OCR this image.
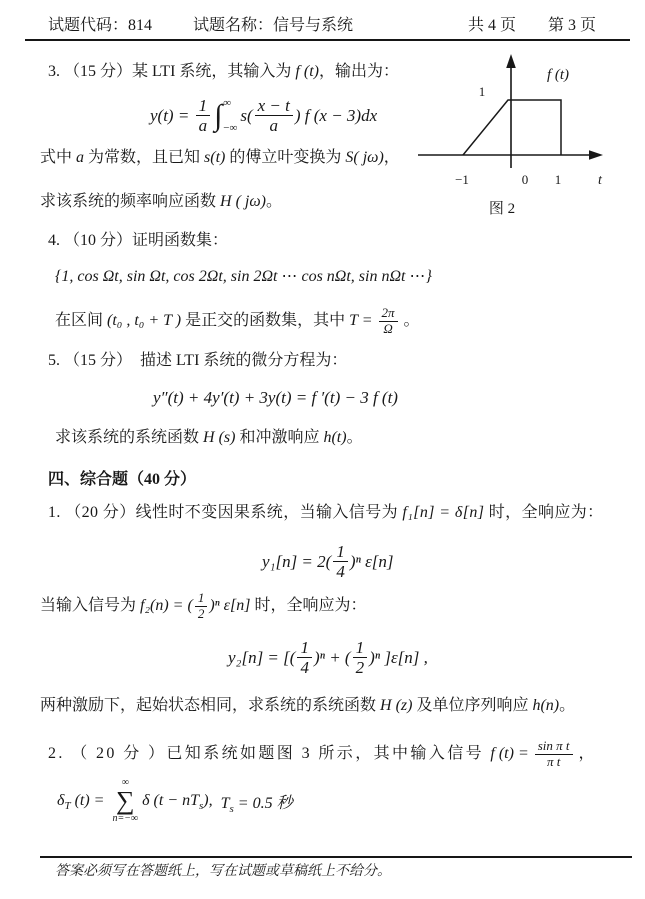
试题代码：814	试题名称：信号与系统	共 4 页 第 3 页
3. （15 分）某 LTI 系统，其输入为 f (t)，输出为：
$y(t) = \frac{1}{a}$ ∫ ∞
−∞
$s( \frac{x - t}{a}$ ) f (x − 3)dx
式中 a 为常数，且已知 s(t) 的傅立叶变换为 S( jω)，
求该系统的频率响应函数 H ( jω)。
1
f (t)
−1	0 1	t
图 2
4. （10 分）证明函数集：
{1, cos Ωt, sin Ωt, cos 2Ωt, sin 2Ωt ⋯ cos nΩt, sin nΩt ⋯}
在区间 (t₀ , t₀ + T ) 是正交的函数集，其中 $T = \frac{2\pi}{\Omega}$ 。
5. （15 分）  描述 LTI 系统的微分方程为：
y″(t) + 4y′(t) + 3y(t) = f ′(t) − 3 f (t)
求该系统的系统函数 H (s) 和冲激响应 h(t)。
四、综合题（40 分）
1. （20 分）线性时不变因果系统，当输入信号为 f₁[n] = δ[n] 时，全响应为：
$y_1[n] = 2( \frac{1}{4} )^n$ ε[n]
当输入信号为 f₂(n) = ( $\frac{1}{2} )^n$ ε[n] 时，全响应为：
y₂[n] = [( $\frac{1}{4} )^n$ + ( $\frac{1}{2} )^n$ ]ε[n] ,
两种激励下，起始状态相同，求系统的系统函数 H (z) 及单位序列响应 h(n)。
2. （ 20 分 ）已知系统如题图 3 所示，其中输入信号 f $(t) = \frac{\text{sin π t}}{\text{π t}}$ ，
$\delta_T$ (t) =
∞
∑
n=−∞
δ $(t - nT_s)$,
$T_s = 0.5$ 秒
答案必须写在答题纸上，写在试题或草稿纸上不给分。
